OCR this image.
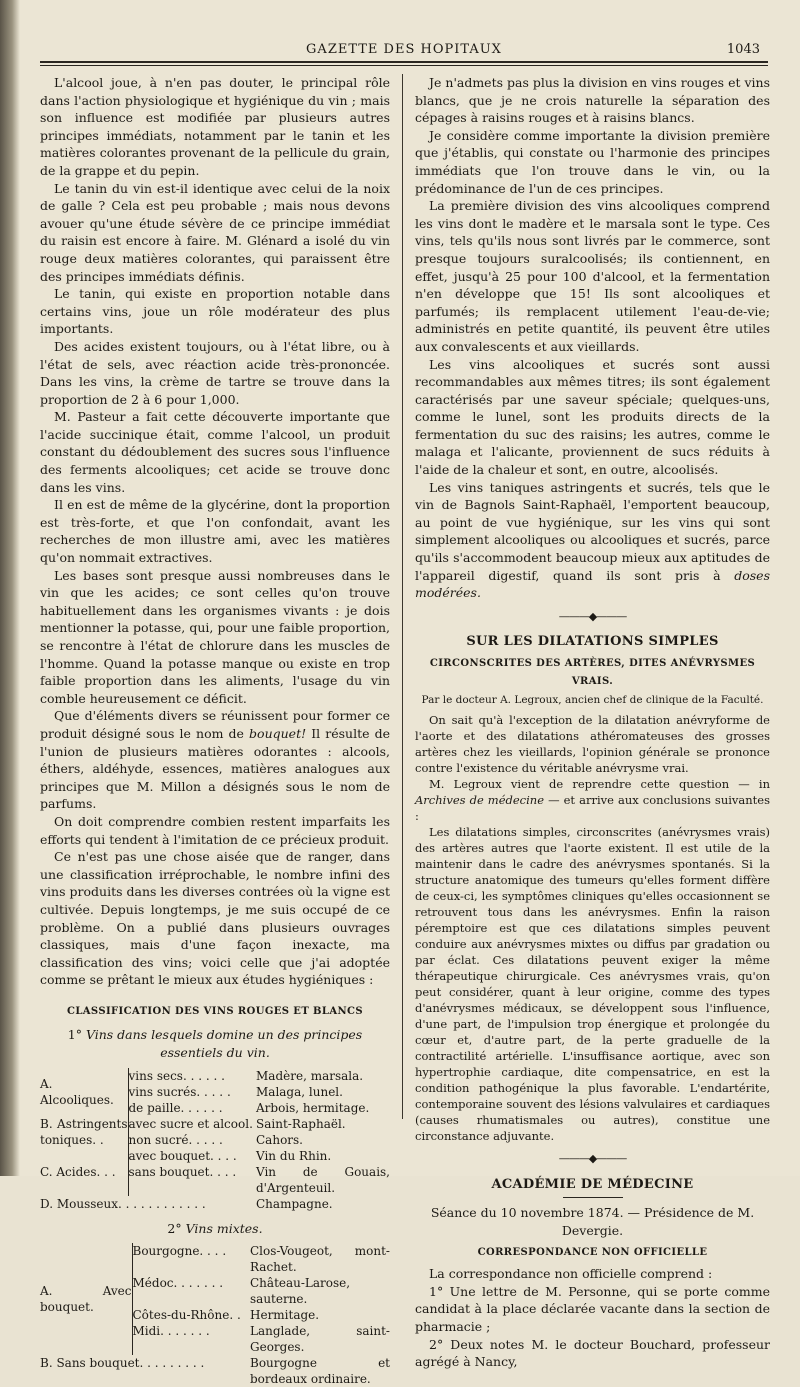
GAZETTE DES HOPITAUX	1043

L'alcool joue, à n'en pas douter, le principal rôle dans l'action physiologique et hygiénique du vin ; mais son influence est modifiée par plusieurs autres principes immédiats, notamment par le tanin et les matières colorantes provenant de la pellicule du grain, de la grappe et du pepin.

Le tanin du vin est-il identique avec celui de la noix de galle ? Cela est peu probable ; mais nous devons avouer qu'une étude sévère de ce principe immédiat du raisin est encore à faire. M. Glénard a isolé du vin rouge deux matières colorantes, qui paraissent être des principes immédiats définis.

Le tanin, qui existe en proportion notable dans certains vins, joue un rôle modérateur des plus importants.

Des acides existent toujours, ou à l'état libre, ou à l'état de sels, avec réaction acide très-prononcée. Dans les vins, la crème de tartre se trouve dans la proportion de 2 à 6 pour 1,000.

M. Pasteur a fait cette découverte importante que l'acide succinique était, comme l'alcool, un produit constant du dédoublement des sucres sous l'influence des ferments alcooliques; cet acide se trouve donc dans les vins.

Il en est de même de la glycérine, dont la proportion est très-forte, et que l'on confondait, avant les recherches de mon illustre ami, avec les matières qu'on nommait extractives.

Les bases sont presque aussi nombreuses dans le vin que les acides; ce sont celles qu'on trouve habituellement dans les organismes vivants : je dois mentionner la potasse, qui, pour une faible proportion, se rencontre à l'état de chlorure dans les muscles de l'homme. Quand la potasse manque ou existe en trop faible proportion dans les aliments, l'usage du vin comble heureusement ce déficit.

Que d'éléments divers se réunissent pour former ce produit désigné sous le nom de bouquet! Il résulte de l'union de plusieurs matières odorantes : alcools, éthers, aldéhyde, essences, matières analogues aux principes que M. Millon a désignés sous le nom de parfums.

On doit comprendre combien restent imparfaits les efforts qui tendent à l'imitation de ce précieux produit.

Ce n'est pas une chose aisée que de ranger, dans une classification irréprochable, le nombre infini des vins produits dans les diverses contrées où la vigne est cultivée. Depuis longtemps, je me suis occupé de ce problème. On a publié dans plusieurs ouvrages classiques, mais d'une façon inexacte, ma classification des vins; voici celle que j'ai adoptée comme se prêtant le mieux aux études hygiéniques :

CLASSIFICATION DES VINS ROUGES ET BLANCS

1° Vins dans lesquels domine un des principes essentiels du vin.

A. Alcooliques.	vins secs. . . . . .	Madère, marsala.
	vins sucrés. . . . .	Malaga, lunel.
	de paille. . . . . .	Arbois, hermitage.
B. Astringents toniques. .	avec sucre et alcool.	Saint-Raphaël.
	non sucré. . . . .	Cahors.
C. Acides. . .	avec bouquet. . . .	Vin du Rhin.
	sans bouquet. . . .	Vin de Gouais, d'Argenteuil.
D. Mousseux. . . . . . . . . . . .		Champagne.

2° Vins mixtes.

A. Avec bouquet.	Bourgogne. . . .	Clos-Vougeot, mont-Rachet.
	Médoc. . . . . . .	Château-Larose, sauterne.
	Côtes-du-Rhône. .	Hermitage.
	Midi. . . . . . .	Langlade, saint-Georges.
B. Sans bouquet. . . . . . . . .		Bourgogne et bordeaux ordinaire.

Je n'admets pas plus la division en vins rouges et vins blancs, que je ne crois naturelle la séparation des cépages à raisins rouges et à raisins blancs.

Je considère comme importante la division première que j'établis, qui constate ou l'harmonie des principes immédiats que l'on trouve dans le vin, ou la prédominance de l'un de ces principes.

La première division des vins alcooliques comprend les vins dont le madère et le marsala sont le type. Ces vins, tels qu'ils nous sont livrés par le commerce, sont presque toujours suralcoolisés; ils contiennent, en effet, jusqu'à 25 pour 100 d'alcool, et la fermentation n'en développe que 15! Ils sont alcooliques et parfumés; ils remplacent utilement l'eau-de-vie; administrés en petite quantité, ils peuvent être utiles aux convalescents et aux vieillards.

Les vins alcooliques et sucrés sont aussi recommandables aux mêmes titres; ils sont également caractérisés par une saveur spéciale; quelques-uns, comme le lunel, sont les produits directs de la fermentation du suc des raisins; les autres, comme le malaga et l'alicante, proviennent de sucs réduits à l'aide de la chaleur et sont, en outre, alcoolisés.

Les vins taniques astringents et sucrés, tels que le vin de Bagnols Saint-Raphaël, l'emportent beaucoup, au point de vue hygiénique, sur les vins qui sont simplement alcooliques ou alcooliques et sucrés, parce qu'ils s'accommodent beaucoup mieux aux aptitudes de l'appareil digestif, quand ils sont pris à doses modérées.

———◆———
SUR LES DILATATIONS SIMPLES
CIRCONSCRITES DES ARTÈRES, DITES ANÉVRYSMES VRAIS.

Par le docteur A. Legroux, ancien chef de clinique de la Faculté.

On sait qu'à l'exception de la dilatation anévryforme de l'aorte et des dilatations athéromateuses des grosses artères chez les vieillards, l'opinion générale se prononce contre l'existence du véritable anévrysme vrai.

M. Legroux vient de reprendre cette question — in Archives de médecine — et arrive aux conclusions suivantes :

Les dilatations simples, circonscrites (anévrysmes vrais) des artères autres que l'aorte existent. Il est utile de la maintenir dans le cadre des anévrysmes spontanés. Si la structure anatomique des tumeurs qu'elles forment diffère de ceux-ci, les symptômes cliniques qu'elles occasionnent se retrouvent tous dans les anévrysmes. Enfin la raison péremptoire est que ces dilatations simples peuvent conduire aux anévrysmes mixtes ou diffus par gradation ou par éclat. Ces dilatations peuvent exiger la même thérapeutique chirurgicale. Ces anévrysmes vrais, qu'on peut considérer, quant à leur origine, comme des types d'anévrysmes médicaux, se développent sous l'influence, d'une part, de l'impulsion trop énergique et prolongée du cœur et, d'autre part, de la perte graduelle de la contractilité artérielle. L'insuffisance aortique, avec son hypertrophie cardiaque, dite compensatrice, en est la condition pathogénique la plus favorable. L'endartérite, contemporaine souvent des lésions valvulaires et cardiaques (causes rhumatismales ou autres), constitue une circonstance adjuvante.

———◆———
ACADÉMIE DE MÉDECINE

Séance du 10 novembre 1874. — Présidence de M. Devergie.

CORRESPONDANCE NON OFFICIELLE

La correspondance non officielle comprend :

1° Une lettre de M. Personne, qui se porte comme candidat à la place déclarée vacante dans la section de pharmacie ;

2° Deux notes M. le docteur Bouchard, professeur agrégé à Nancy,
